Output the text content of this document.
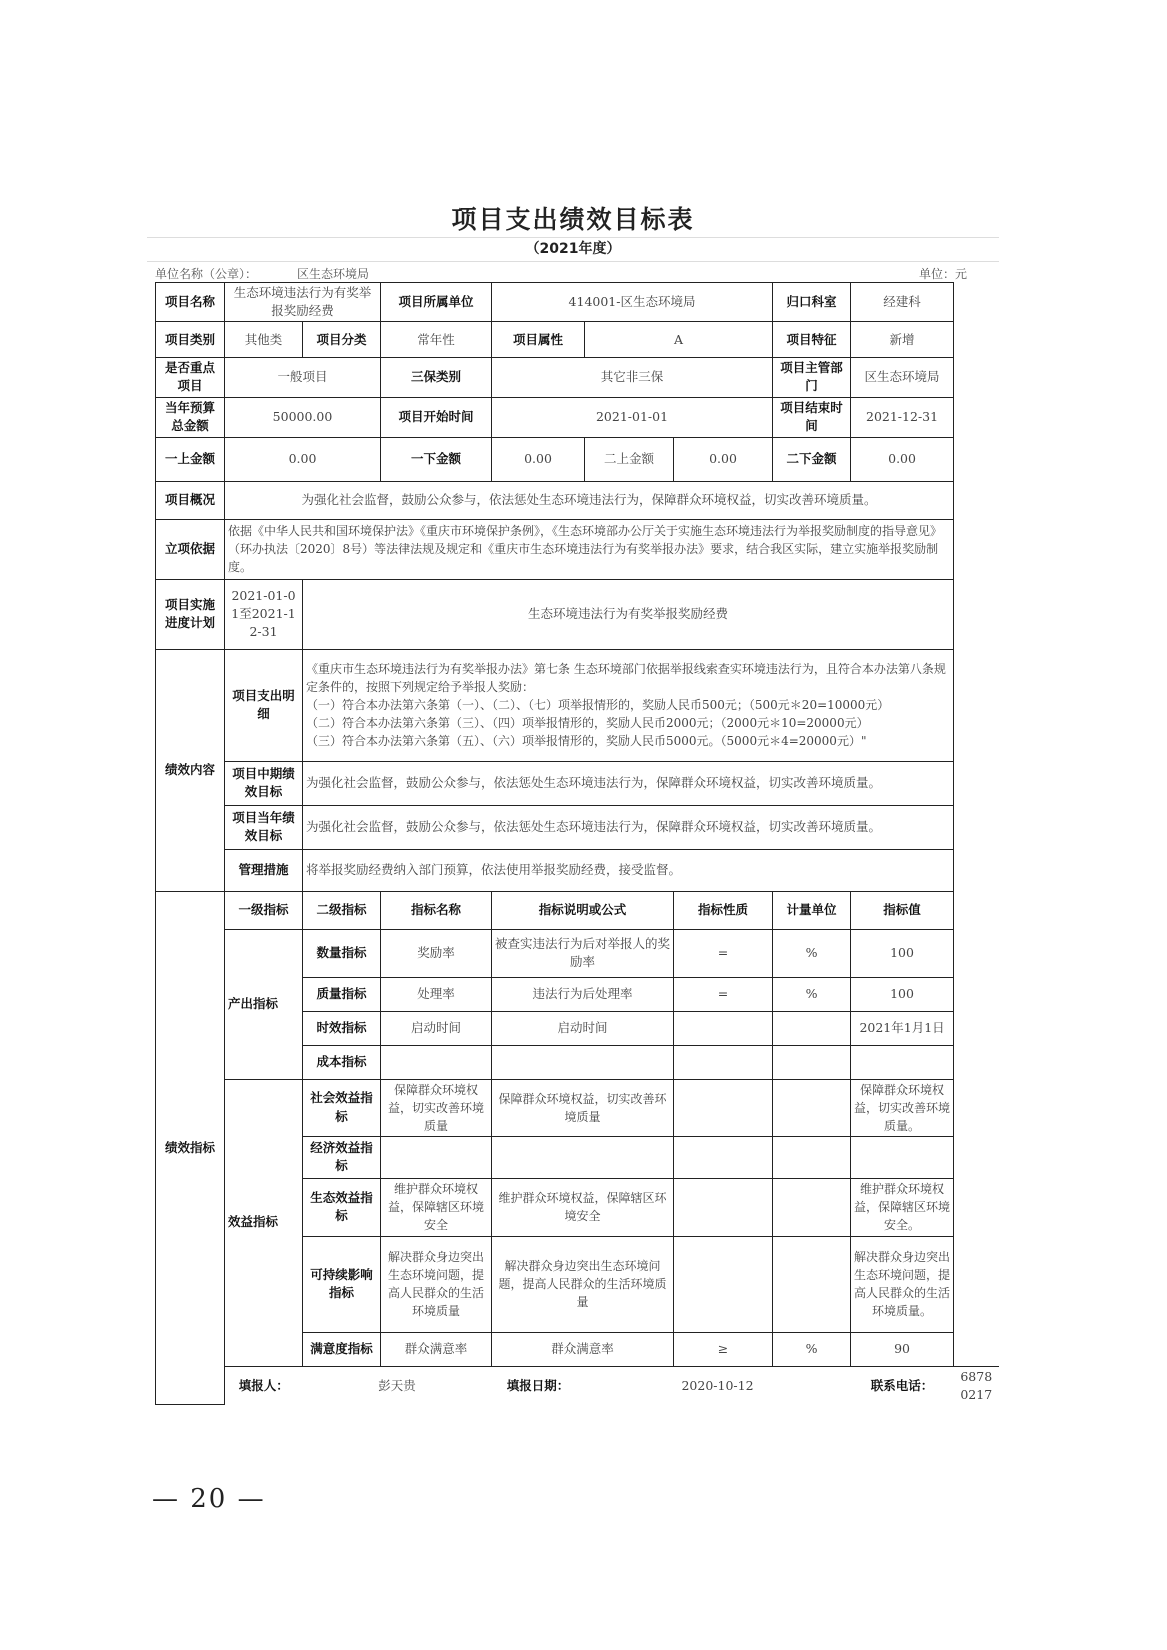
项目支出绩效目标表
（2021年度）
单位名称（公章）：	区生态环境局	单位：元
项目名称	生态环境违法行为有奖举报奖励经费		项目所属单位	414001-区生态环境局			归口科室	经建科	
项目类别	其他类	项目分类	常年性	项目属性	A		项目特征	新增	
是否重点项目	一般项目		三保类别	其它非三保			项目主管部门	区生态环境局	
当年预算总金额	50000.00		项目开始时间	2021-01-01			项目结束时间	2021-12-31	
一上金额	0.00		一下金额	0.00	二上金额	0.00	二下金额	0.00	
项目概况	为强化社会监督，鼓励公众参与，依法惩处生态环境违法行为，保障群众环境权益，切实改善环境质量。								
立项依据	依据《中华人民共和国环境保护法》《重庆市环境保护条例》，《生态环境部办公厅关于实施生态环境违法行为举报奖励制度的指导意见》（环办执法〔2020〕8号）等法律法规及规定和《重庆市生态环境违法行为有奖举报办法》要求，结合我区实际，建立实施举报奖励制度。								
项目实施进度计划	2021-01-01至2021-12-31	生态环境违法行为有奖举报奖励经费							
绩效内容	项目支出明细	《重庆市生态环境违法行为有奖举报办法》第七条 生态环境部门依据举报线索查实环境违法行为，且符合本办法第八条规定条件的，按照下列规定给予举报人奖励：
（一）符合本办法第六条第（一）、（二）、（七）项举报情形的，奖励人民币500元；（500元＊20=10000元）
（二）符合本办法第六条第（三）、（四）项举报情形的，奖励人民币2000元；（2000元＊10=20000元）
（三）符合本办法第六条第（五）、（六）项举报情形的，奖励人民币5000元。（5000元＊4=20000元）"							

	项目中期绩效目标	为强化社会监督，鼓励公众参与，依法惩处生态环境违法行为，保障群众环境权益，切实改善环境质量。							
	项目当年绩效目标	为强化社会监督，鼓励公众参与，依法惩处生态环境违法行为，保障群众环境权益，切实改善环境质量。							
	管理措施	将举报奖励经费纳入部门预算，依法使用举报奖励经费，接受监督。							
绩效指标	一级指标	二级指标	指标名称	指标说明或公式		指标性质	计量单位	指标值	
	产出指标	数量指标	奖励率	被查实违法行为后对举报人的奖励率		=	%	100	
		质量指标	处理率	违法行为后处理率		=	%	100	
		时效指标	启动时间	启动时间				2021年1月1日	
		成本指标							
	效益指标	社会效益指标	保障群众环境权益，切实改善环境质量	保障群众环境权益，切实改善环境质量				保障群众环境权益，切实改善环境质量。	
		经济效益指标							
		生态效益指标	维护群众环境权益，保障辖区环境安全	维护群众环境权益，保障辖区环境安全				维护群众环境权益，保障辖区环境安全。	
		可持续影响指标	解决群众身边突出生态环境问题，提高人民群众的生活环境质量	解决群众身边突出生态环境问题，提高人民群众的生活环境质量				解决群众身边突出生态环境问题，提高人民群众的生活环境质量。	
		满意度指标	群众满意率	群众满意率		≥	%	90	
	填报人：	彭天贵		填报日期：	2020-10-12			联系电话：	68780217
— 20 —
